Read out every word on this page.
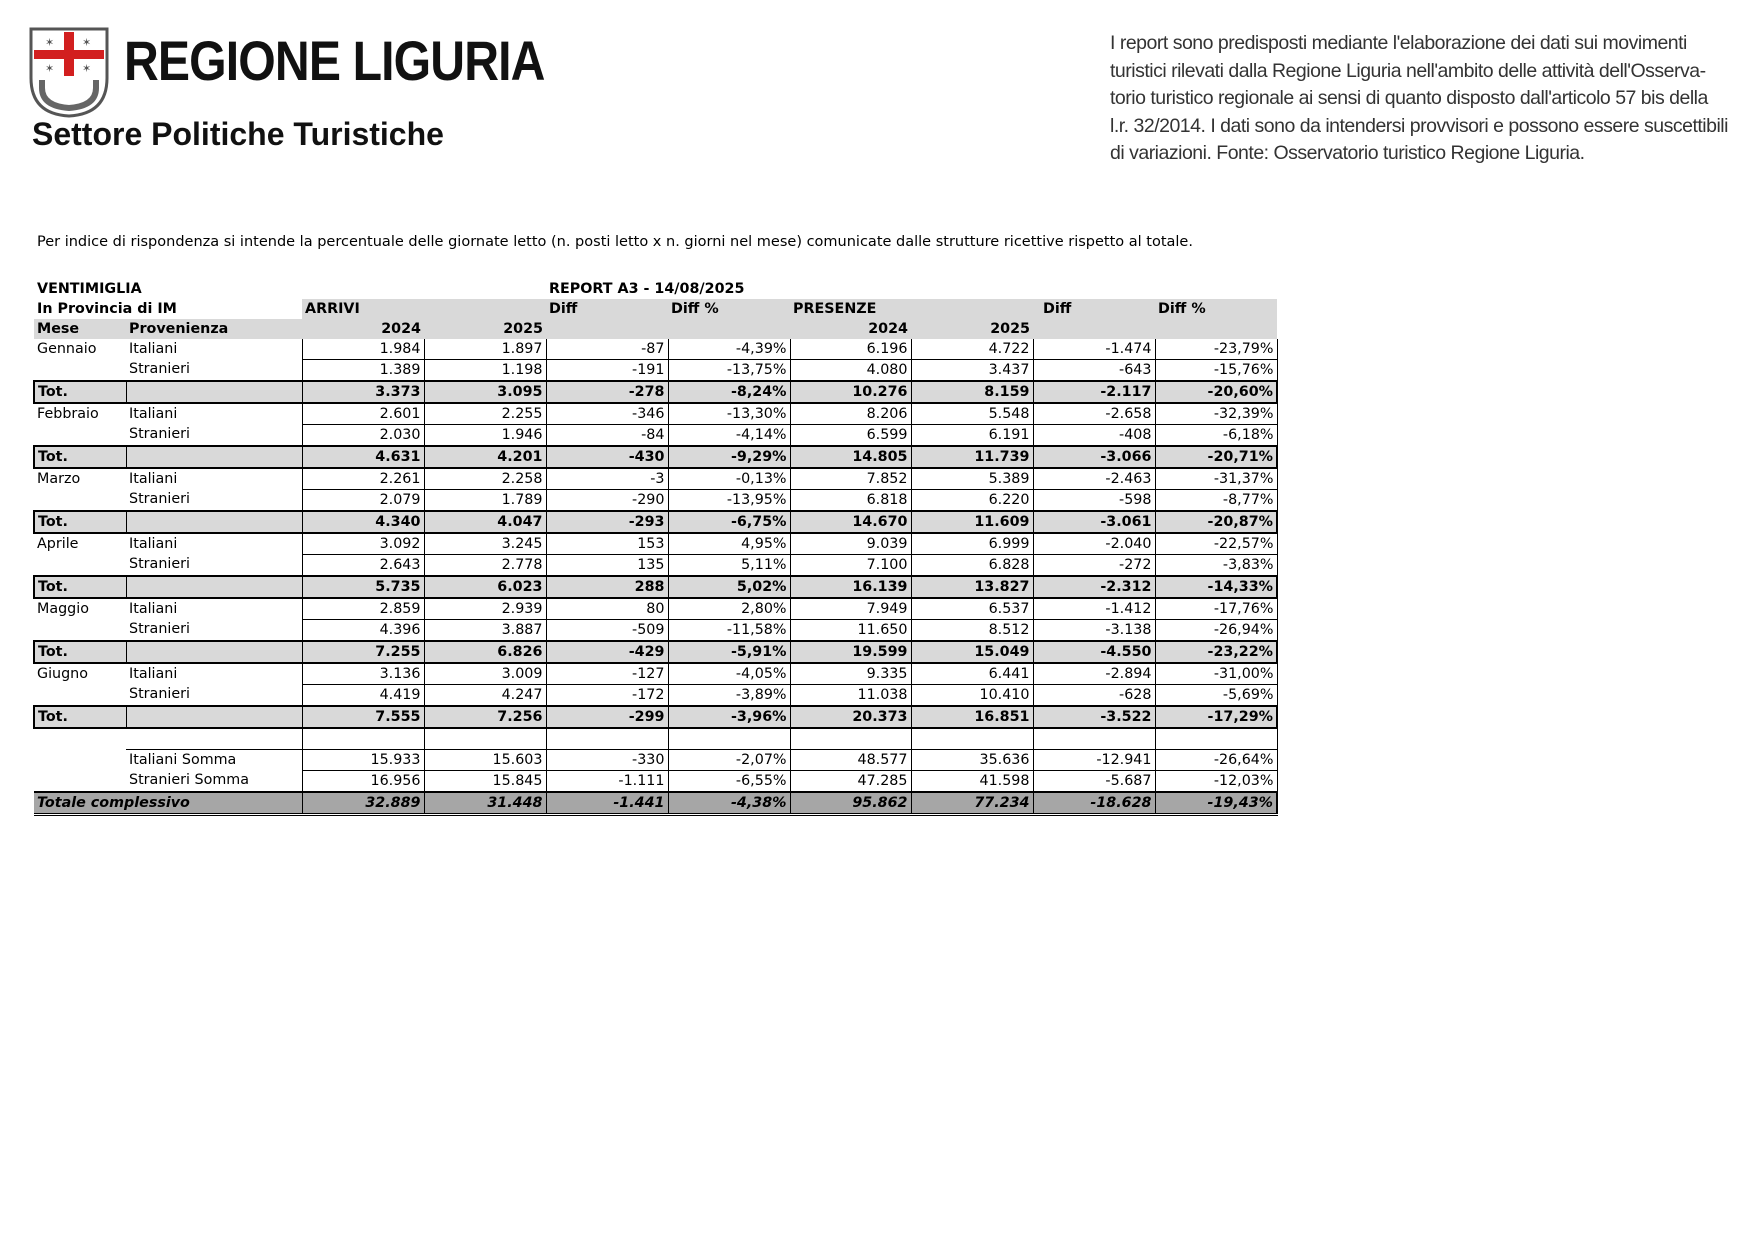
✶	✶
✶	✶ REGIONE LIGURIA
Settore Politiche Turistiche
I report sono predisposti mediante l'elaborazione dei dati sui movimenti
turistici rilevati dalla Regione Liguria nell'ambito delle attività dell'Osserva-
torio turistico regionale ai sensi di quanto disposto dall'articolo 57 bis della
l.r. 32/2014. I dati sono da intendersi provvisori e possono essere suscettibili
di variazioni. Fonte: Osservatorio turistico Regione Liguria.
Per indice di rispondenza si intende la percentuale delle giornate letto (n. posti letto x n. giorni nel mese) comunicate dalle strutture ricettive rispetto al totale.
VENTIMIGLIA				REPORT A3 - 14/08/2025					
In Provincia di IM		ARRIVI		Diff	Diff %	PRESENZE		Diff	Diff %
Mese	Provenienza	2024	2025			2024	2025		
Gennaio	Italiani	1.984	1.897	-87	-4,39%	6.196	4.722	-1.474	-23,79%
	Stranieri	1.389	1.198	-191	-13,75%	4.080	3.437	-643	-15,76%
Tot.		3.373	3.095	-278	-8,24%	10.276	8.159	-2.117	-20,60%
Febbraio	Italiani	2.601	2.255	-346	-13,30%	8.206	5.548	-2.658	-32,39%
	Stranieri	2.030	1.946	-84	-4,14%	6.599	6.191	-408	-6,18%
Tot.		4.631	4.201	-430	-9,29%	14.805	11.739	-3.066	-20,71%
Marzo	Italiani	2.261	2.258	-3	-0,13%	7.852	5.389	-2.463	-31,37%
	Stranieri	2.079	1.789	-290	-13,95%	6.818	6.220	-598	-8,77%
Tot.		4.340	4.047	-293	-6,75%	14.670	11.609	-3.061	-20,87%
Aprile	Italiani	3.092	3.245	153	4,95%	9.039	6.999	-2.040	-22,57%
	Stranieri	2.643	2.778	135	5,11%	7.100	6.828	-272	-3,83%
Tot.		5.735	6.023	288	5,02%	16.139	13.827	-2.312	-14,33%
Maggio	Italiani	2.859	2.939	80	2,80%	7.949	6.537	-1.412	-17,76%
	Stranieri	4.396	3.887	-509	-11,58%	11.650	8.512	-3.138	-26,94%
Tot.		7.255	6.826	-429	-5,91%	19.599	15.049	-4.550	-23,22%
Giugno	Italiani	3.136	3.009	-127	-4,05%	9.335	6.441	-2.894	-31,00%
	Stranieri	4.419	4.247	-172	-3,89%	11.038	10.410	-628	-5,69%
Tot.		7.555	7.256	-299	-3,96%	20.373	16.851	-3.522	-17,29%

	Italiani Somma	15.933	15.603	-330	-2,07%	48.577	35.636	-12.941	-26,64%
	Stranieri Somma	16.956	15.845	-1.111	-6,55%	47.285	41.598	-5.687	-12,03%
Totale complessivo		32.889	31.448	-1.441	-4,38%	95.862	77.234	-18.628	-19,43%
